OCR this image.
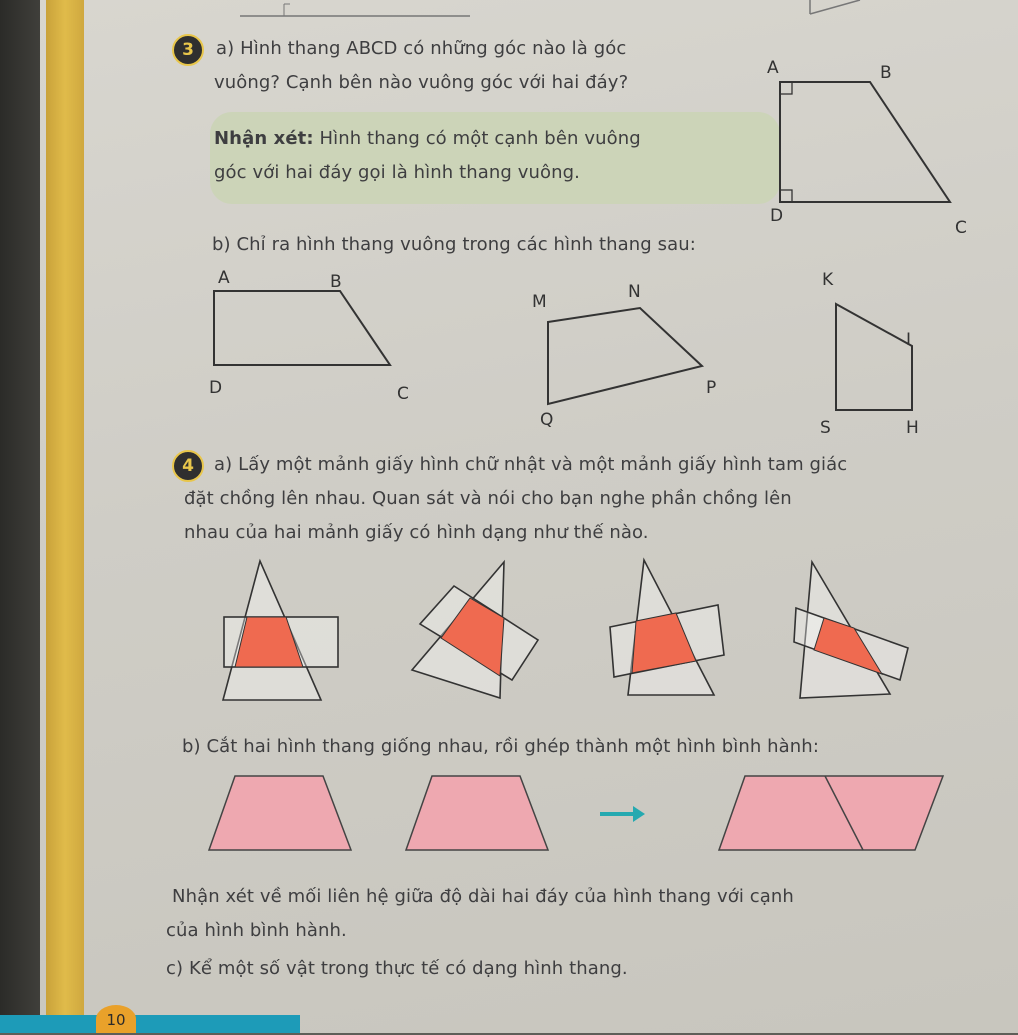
3	a) Hình thang ABCD có những góc nào là góc
vuông? Cạnh bên nào vuông góc với hai đáy?
Nhận xét: Hình thang có một cạnh bên vuông
góc với hai đáy gọi là hình thang vuông.
A	B
D
C
b) Chỉ ra hình thang vuông trong các hình thang sau:
A	B
D	C
M	N
P
Q
K
I
S	H
4	a) Lấy một mảnh giấy hình chữ nhật và một mảnh giấy hình tam giác
đặt chồng lên nhau. Quan sát và nói cho bạn nghe phần chồng lên
nhau của hai mảnh giấy có hình dạng như thế nào.
b) Cắt hai hình thang giống nhau, rồi ghép thành một hình bình hành:
Nhận xét về mối liên hệ giữa độ dài hai đáy của hình thang với cạnh
của hình bình hành.
c) Kể một số vật trong thực tế có dạng hình thang.
10
